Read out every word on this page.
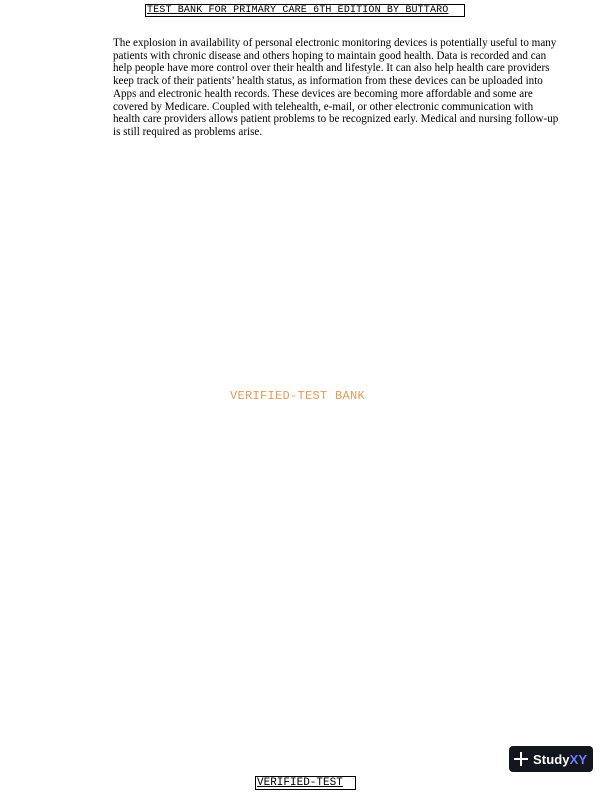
TEST BANK FOR PRIMARY CARE 6TH EDITION BY BUTTARO

The explosion in availability of personal electronic monitoring devices is potentially useful to many patients with chronic disease and others hoping to maintain good health. Data is recorded and can help people have more control over their health and lifestyle. It can also help health care providers keep track of their patients’ health status, as information from these devices can be uploaded into Apps and electronic health records. These devices are becoming more affordable and some are covered by Medicare. Coupled with telehealth, e-mail, or other electronic communication with health care providers allows patient problems to be recognized early. Medical and nursing follow-up is still required as problems arise.

VERIFIED-TEST BANK
StudyXY
VERIFIED-TEST
